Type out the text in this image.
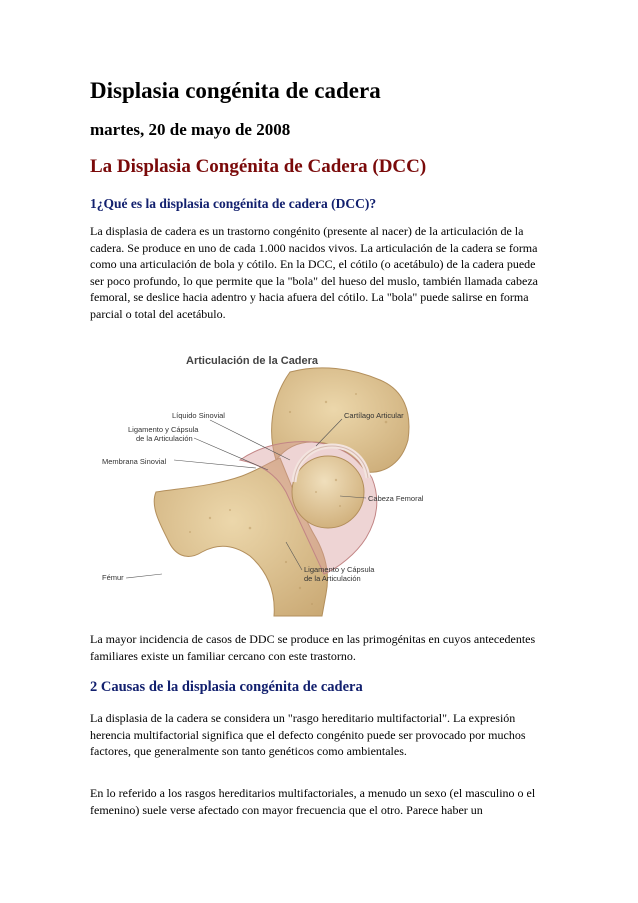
Displasia congénita de cadera
martes, 20 de mayo de 2008
La Displasia Congénita de Cadera (DCC)
1¿Qué es la displasia congénita de cadera (DCC)?

La displasia de cadera es un trastorno congénito (presente al nacer) de la articulación de la cadera. Se produce en uno de cada 1.000 nacidos vivos. La articulación de la cadera se forma como una articulación de bola y cótilo. En la DCC, el cótilo (o acetábulo) de la cadera puede ser poco profundo, lo que permite que la "bola" del hueso del muslo, también llamada cabeza femoral, se deslice hacia adentro y hacia afuera del cótilo. La "bola" puede salirse en forma parcial o total del acetábulo.

Articulación de la Cadera
Líquido Sinovial
Ligamento y Cápsula
de la Articulación
Membrana Sinovial
Cartílago Articular
Cabeza Femoral
Fémur
Ligamento y Cápsula
de la Articulación

La mayor incidencia de casos de DDC se produce en las primogénitas en cuyos antecedentes familiares existe un familiar cercano con este trastorno.

2 Causas de la displasia congénita de cadera

La displasia de la cadera se considera un "rasgo hereditario multifactorial". La expresión herencia multifactorial significa que el defecto congénito puede ser provocado por muchos factores, que generalmente son tanto genéticos como ambientales.

En lo referido a los rasgos hereditarios multifactoriales, a menudo un sexo (el masculino o el femenino) suele verse afectado con mayor frecuencia que el otro. Parece haber un
